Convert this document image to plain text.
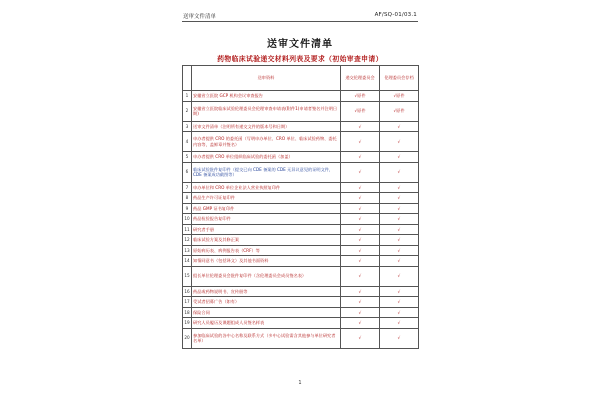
送审文件清单	AF/SQ-01/03.1
送审文件清单
药物临床试验递交材料列表及要求（初始审查申请）
	送审资料	递交伦理委员会	伦理委员会存档
1	安徽省立医院 GCP 机构会议审查报告	√原件	√原件
2	安徽省立医院临床试验伦理委员会伦理审查申请表(附件1(申请者签名并注明日期)	√原件	√原件
3	送审文件清单（注明所有递交文件的版本号和日期）	√	√
4	申办者提供 CRO 的委托函（写明申办单位、CRO 单位、临床试验药物、委托内容等，盖鲜章并签名）	√	√
5	申办者提供 CRO 单位组织临床试验的委托函（加盖）	√	√
6	临床试验批件复印件（提交已向 CDE 备案的 CDE 无异议意见的证明文件，CDE 备案成功截图等）	√	√
7	申办单位和 CRO 单位企业法人营业执照复印件	√	√
8	药品生产许可证复印件	√	√
9	药品 GMP 证书复印件	√	√
10	药品检验报告复印件	√	√
11	研究者手册	√	√
12	临床试验方案及其修正案	√	√
13	原始病历表、病例报告表（CRF）等	√	√
14	知情同意书（包括译文）及其他书面资料	√	√
15	组长单位伦理委员会批件复印件（含伦理委员会成员签名表）	√	√
16	药品或药物说明书、宣传册等	√	√
17	受试者招募广告（如有）	√	√
18	保险合同	√	√
19	研究人员履历及课题组成人员签名样表	√	√
20	参加临床试验的各中心名称及联系方式（多中心试验需含其他参与单位研究者名单）	√	√
1
